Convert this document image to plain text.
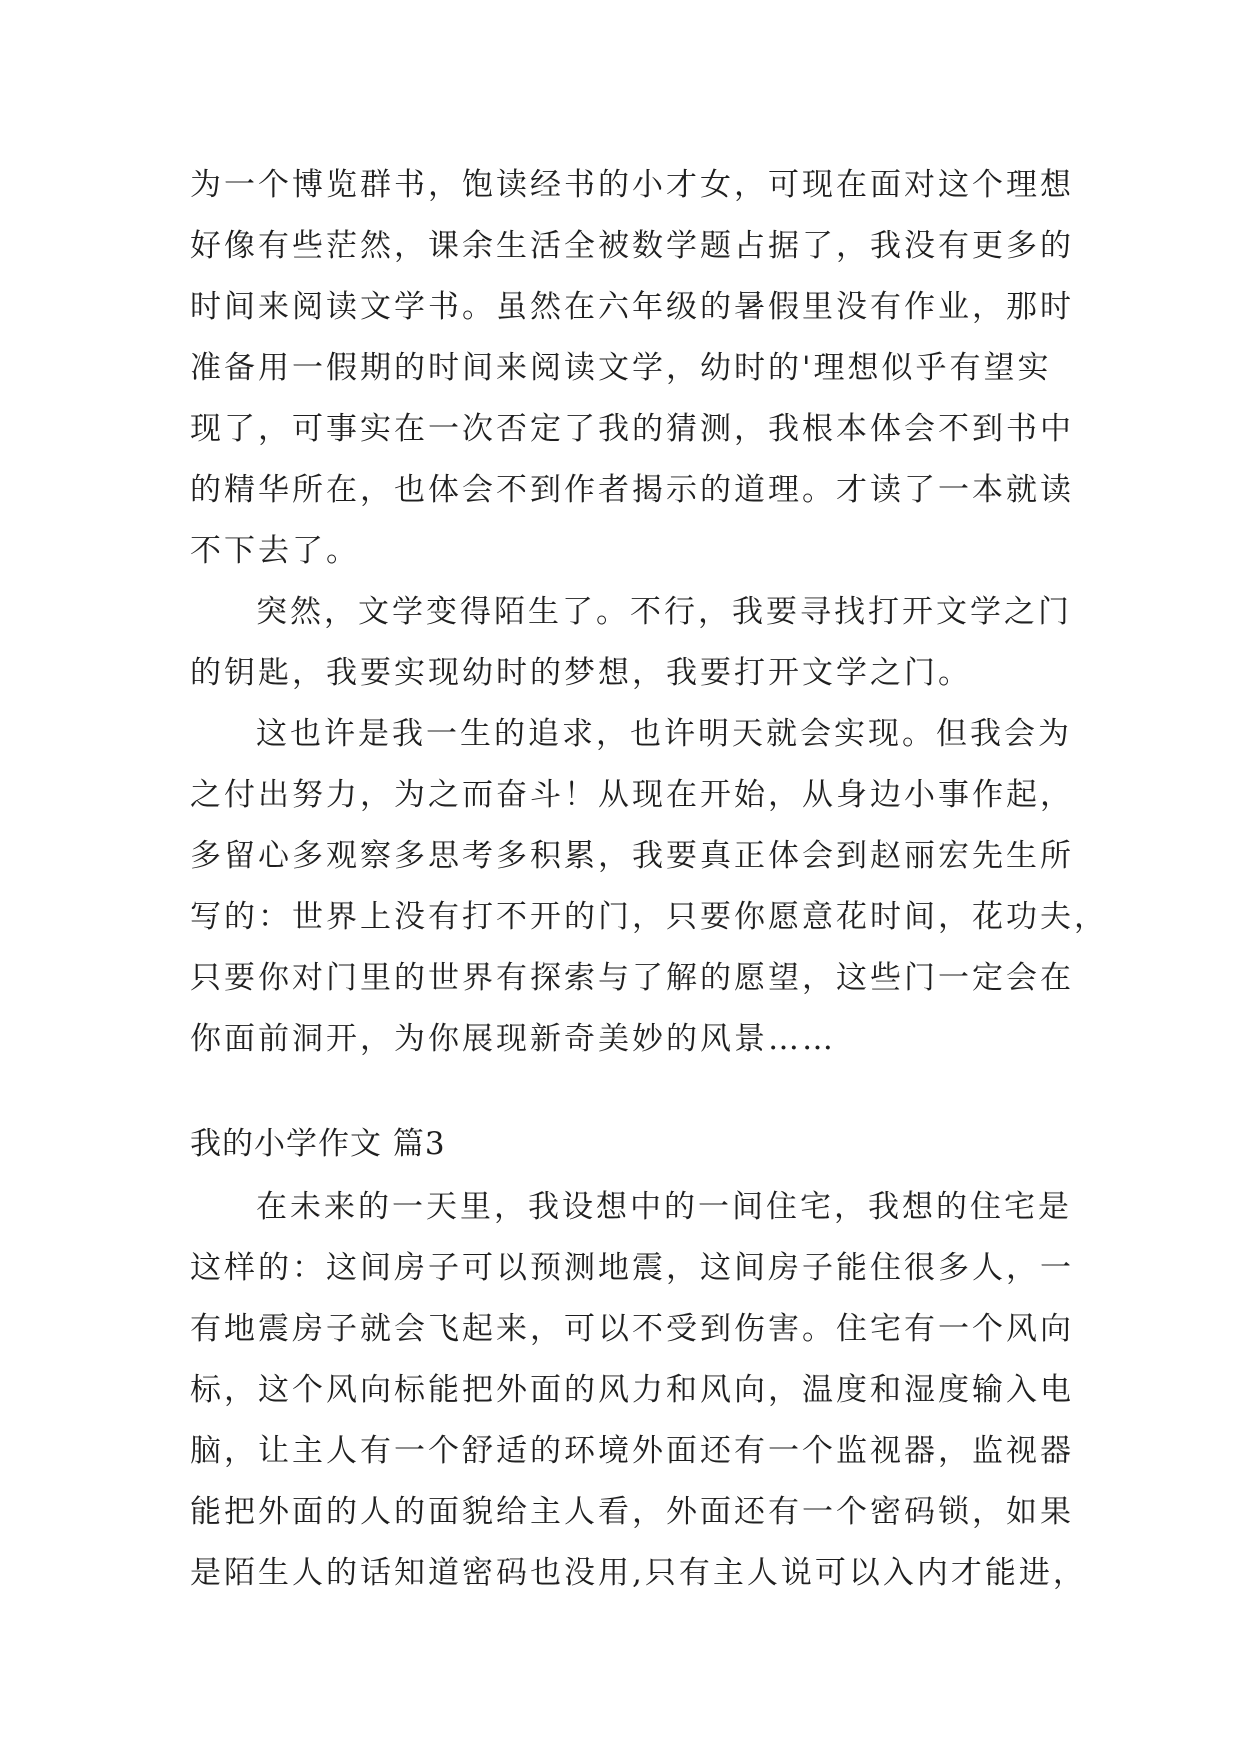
为一个博览群书，饱读经书的小才女，可现在面对这个理想
好像有些茫然，课余生活全被数学题占据了，我没有更多的
时间来阅读文学书。虽然在六年级的暑假里没有作业，那时
准备用一假期的时间来阅读文学，幼时的'理想似乎有望实
现了，可事实在一次否定了我的猜测，我根本体会不到书中
的精华所在，也体会不到作者揭示的道理。才读了一本就读
不下去了。
突然，文学变得陌生了。不行，我要寻找打开文学之门
的钥匙，我要实现幼时的梦想，我要打开文学之门。
这也许是我一生的追求，也许明天就会实现。但我会为
之付出努力，为之而奋斗！从现在开始，从身边小事作起，
多留心多观察多思考多积累，我要真正体会到赵丽宏先生所
写的：世界上没有打不开的门，只要你愿意花时间，花功夫，
只要你对门里的世界有探索与了解的愿望，这些门一定会在
你面前洞开，为你展现新奇美妙的风景……
我的小学作文 篇3
在未来的一天里，我设想中的一间住宅，我想的住宅是
这样的：这间房子可以预测地震，这间房子能住很多人，一
有地震房子就会飞起来，可以不受到伤害。住宅有一个风向
标，这个风向标能把外面的风力和风向，温度和湿度输入电
脑，让主人有一个舒适的环境外面还有一个监视器，监视器
能把外面的人的面貌给主人看，外面还有一个密码锁，如果
是陌生人的话知道密码也没用,只有主人说可以入内才能进，
